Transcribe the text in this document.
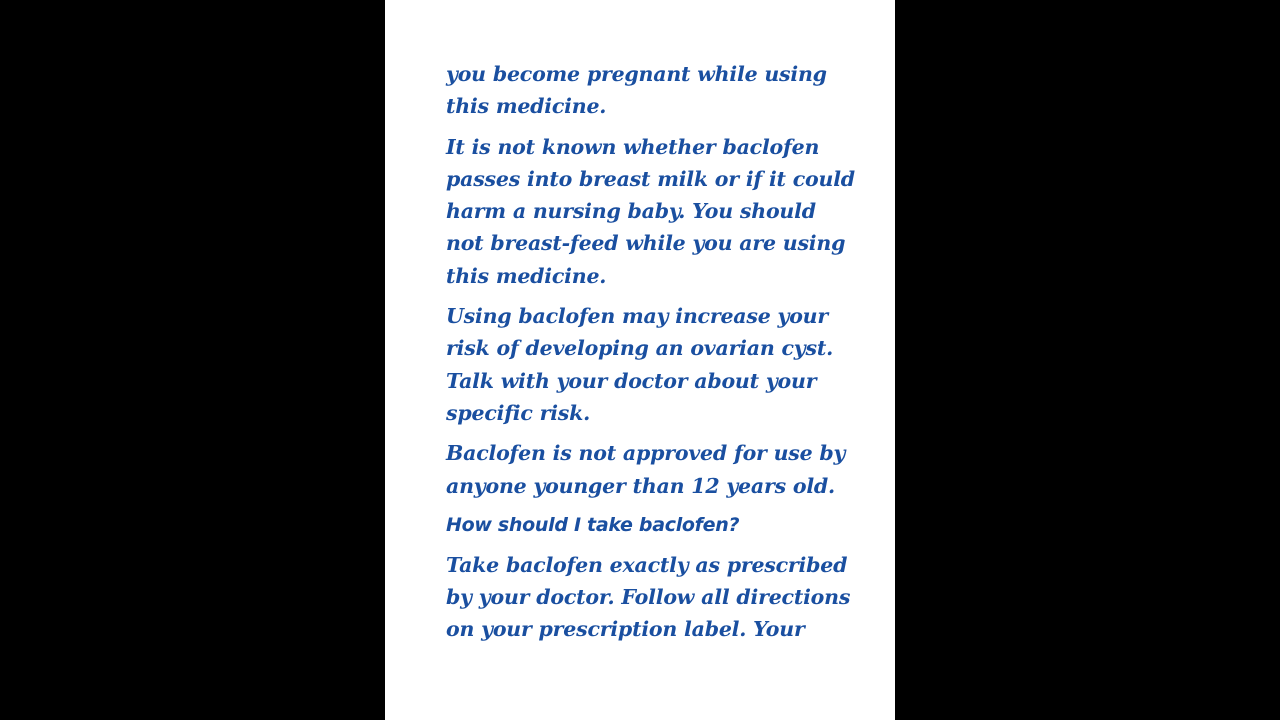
you become pregnant while using
this medicine.

It is not known whether baclofen
passes into breast milk or if it could
harm a nursing baby. You should
not breast-feed while you are using
this medicine.

Using baclofen may increase your
risk of developing an ovarian cyst.
Talk with your doctor about your
specific risk.

Baclofen is not approved for use by
anyone younger than 12 years old.

How should I take baclofen?

Take baclofen exactly as prescribed
by your doctor. Follow all directions
on your prescription label. Your
